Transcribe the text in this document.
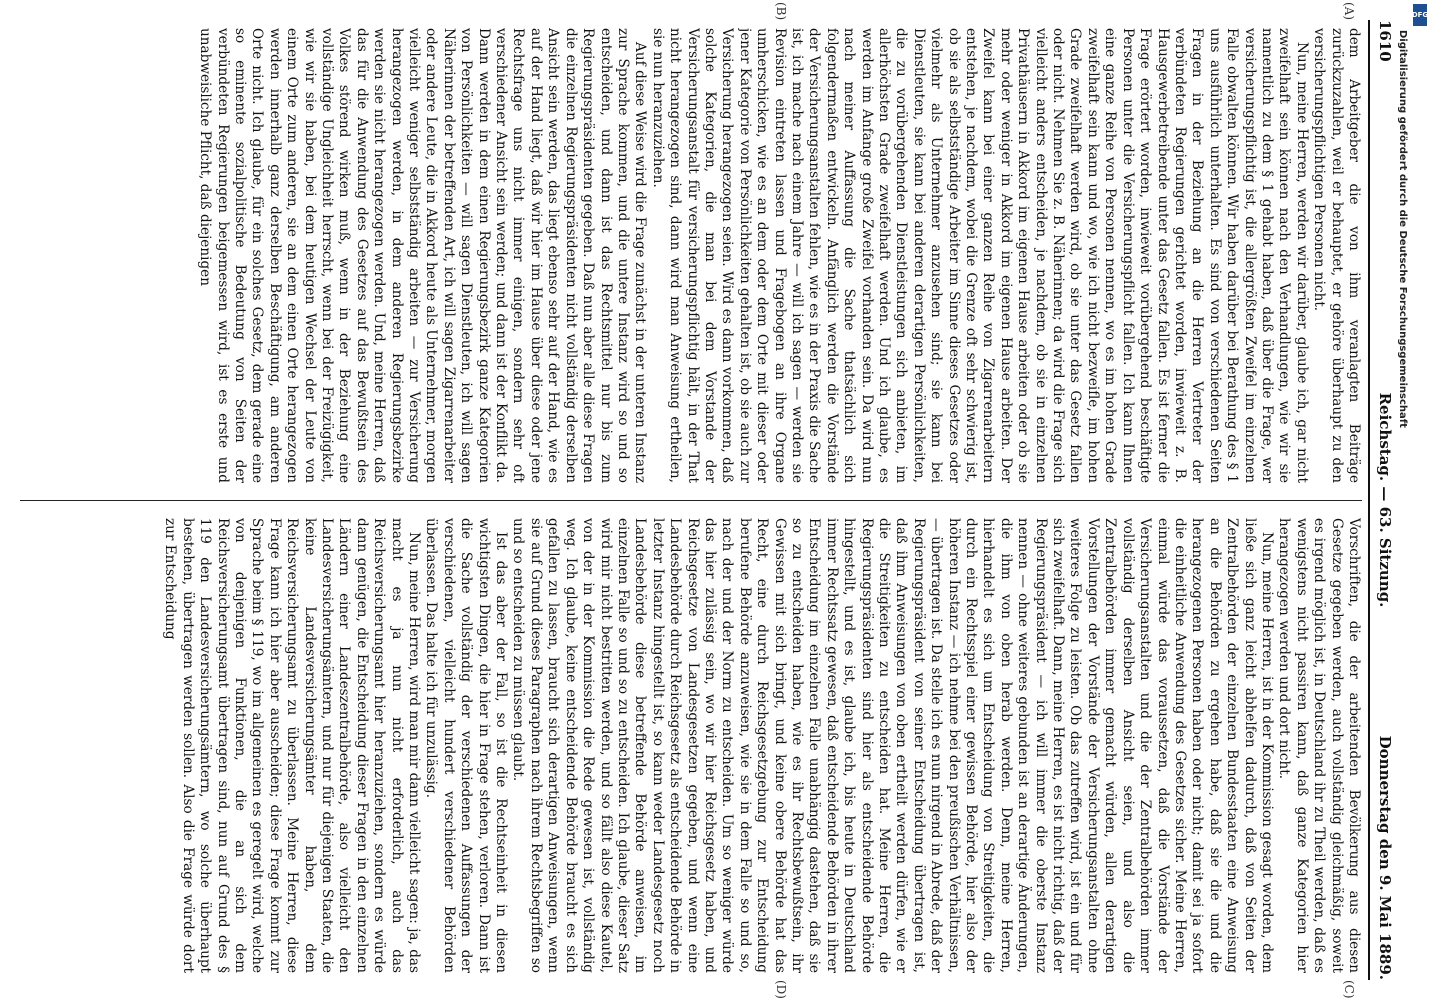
1610
Reichstag. — 63. Sitzung.
Donnerstag den 9. Mai 1889.
(A)
(B)
(C)
(D)

dem Arbeitgeber die von ihm veranlagten Beiträge zurückzuzahlen, weil er behauptet, er gehöre überhaupt zu den versicherungspflichtigen Personen nicht.

Nun, meine Herren, werden wir darüber, glaube ich, gar nicht zweifelhaft sein können nach den Verhandlungen, wie wir sie namentlich zu dem § 1 gehabt haben, daß über die Frage, wer versicherungspflichtig ist, die allergrößten Zweifel im einzelnen Falle obwalten können. Wir haben darüber bei Berathung des § 1 uns ausführlich unterhalten. Es sind von verschiedenen Seiten Fragen in der Beziehung an die Herren Vertreter der verbündeten Regierungen gerichtet worden, inwieweit z. B. Hausgewerbetreibende unter das Gesetz fallen. Es ist ferner die Frage erörtert worden, inwieweit vorübergehend beschäftigte Personen unter die Versicherungspflicht fallen. Ich kann Ihnen eine ganze Reihe von Personen nennen, wo es im hohen Grade zweifelhaft sein kann und wo, wie ich nicht bezweifle, im hohen Grade zweifelhaft werden wird, ob sie unter das Gesetz fallen oder nicht. Nehmen Sie z. B. Näherinnen; da wird die Frage sich vielleicht anders entscheiden, je nachdem, ob sie in einzelnen Privathäusern in Akkord im eigenen Hause arbeiten oder ob sie mehr oder weniger in Akkord im eigenen Hause arbeiten. Der Zweifel kann bei einer ganzen Reihe von Zigarrenarbeitern entstehen, je nachdem, wobei die Grenze oft sehr schwierig ist, ob sie als selbstständige Arbeiter im Sinne dieses Gesetzes oder vielmehr als Unternehmer anzusehen sind; sie kann bei Dienstleuten, sie kann bei anderen derartigen Persönlichkeiten, die zu vorübergehenden Dienstleistungen sich anbieten, im allerhöchsten Grade zweifelhaft werden. Und ich glaube, es werden im Anfange große Zweifel vorhanden sein. Da wird nun nach meiner Auffassung die Sache thatsächlich sich folgendermaßen entwickeln. Anfänglich werden die Vorstände der Versicherungsanstalten fehlen, wie es in der Praxis die Sache ist, ich mache nach einem Jahre — will ich sagen — werden sie Revision eintreten lassen und Fragebogen an ihre Organe umherschicken, wie es an dem oder dem Orte mit dieser oder jener Kategorie von Persönlichkeiten gehalten ist, ob sie auch zur Versicherung herangezogen seien. Wird es dann vorkommen, daß solche Kategorien, die man bei dem Vorstande der Versicherungsanstalt für versicherungspflichtig hält, in der That nicht herangezogen sind, dann wird man Anweisung ertheilen, sie nun heranzuziehen.

Auf diese Weise wird die Frage zunächst in der unteren Instanz zur Sprache kommen, und die untere Instanz wird so und so entscheiden, und dann ist das Rechtsmittel nur bis zum Regierungspräsidenten gegeben. Daß nun aber alle diese Fragen die einzelnen Regierungspräsidenten nicht vollständig derselben Ansicht sein werden, das liegt ebenso sehr auf der Hand, wie es auf der Hand liegt, daß wir hier im Hause über diese oder jene Rechtsfrage uns nicht immer einigen, sondern sehr oft verschiedener Ansicht sein werden; und dann ist der Konflikt da. Dann werden in dem einen Regierungsbezirk ganze Kategorien von Persönlichkeiten — will sagen Dienstleuten, ich will sagen Näherinnen der betreffenden Art, ich will sagen Zigarrenarbeiter oder andere Leute, die in Akkord heute als Unternehmer, morgen vielleicht weniger selbstständig arbeiten — zur Versicherung herangezogen werden, in dem anderen Regierungsbezirke werden sie nicht herangezogen werden. Und, meine Herren, daß das für die Anwendung des Gesetzes auf das Bewußtsein des Volkes störend wirken muß, wenn in der Beziehung eine vollständige Ungleichheit herrscht, wenn bei der Freizügigkeit, wie wir sie haben, bei dem heutigen Wechsel der Leute von einem Orte zum anderen, sie an dem einen Orte herangezogen werden innerhalb ganz derselben Beschäftigung, am anderen Orte nicht. Ich glaube, für ein solches Gesetz, dem gerade eine so eminente sozialpolitische Bedeutung von Seiten der verbündeten Regierungen beigemessen wird, ist es erste und unabweisliche Pflicht, daß diejenigen

Vorschriften, die der arbeitenden Bevölkerung aus diesen Gesetze gegeben werden, auch vollständig gleichmäßig, soweit es irgend möglich ist, in Deutschland ihr zu Theil werden, daß es wenigstens nicht passiren kann, daß ganze Kategorien hier herangezogen werden und dort nicht.

Nun, meine Herren, ist in der Kommission gesagt worden, dem ließe sich ganz leicht abhelfen dadurch, daß von Seiten der Zentralbehörden der einzelnen Bundesstaaten eine Anweisung an die Behörden zu ergehen habe, daß sie die und die herangezogenen Personen haben oder nicht; damit sei ja sofort die einheitliche Anwendung des Gesetzes sicher. Meine Herren, einmal würde das voraussetzen, daß die Vorstände der Versicherungsanstalten und die der Zentralbehörden immer vollständig derselben Ansicht seien, und also die Zentralbehörden immer gemacht würden, allen derartigen Vorstellungen der Vorstände der Versicherungsanstalten ohne weiteres Folge zu leisten. Ob das zutreffen wird, ist ein und für sich zweifelhaft. Dann, meine Herren, es ist nicht richtig, daß der Regierungspräsident — ich will immer die oberste Instanz nennen — ohne weiteres gebunden ist an derartige Änderungen, die ihm von oben herab werden. Denn, meine Herren, hierhandelt es sich um Entscheidung von Streitigkeiten, die durch ein Rechtsspiel einer gewissen Behörde, hier also der höheren Instanz — ich nehme bei den preußischen Verhältnissen, — übertragen ist. Da stelle ich es nun nirgend in Abrede, daß der Regierungspräsident von seiner Entscheidung übertragen ist, daß ihm Anweisungen von oben ertheilt werden dürfen, wie er die Streitigkeiten zu entscheiden hat. Meine Herren, die Regierungspräsidenten sind hier als entscheidende Behörde hingestellt, und es ist, glaube ich, bis heute in Deutschland immer Rechtssatz gewesen, daß entscheidende Behörden in ihrer Entscheidung im einzelnen Falle unabhängig dastehen, daß sie so zu entscheiden haben, wie es ihr Rechtsbewußtsein, ihr Gewissen mit sich bringt, und keine obere Behörde hat das Recht, eine durch Reichsgesetzgebung zur Entscheidung berufene Behörde anzuweisen, wie sie in dem Falle so und so, nach der und der Norm zu entscheiden. Um so weniger würde das hier zulässig sein, wo wir hier Reichsgesetz haben, und Reichsgesetze von Landesgesetzen gegeben, und wenn eine Landesbehörde durch Reichsgesetz als entscheidende Behörde in letzter Instanz hingestellt ist, so kann weder Landesgesetz noch Landesbehörde diese betreffende Behörde anweisen, im einzelnen Falle so und so zu entscheiden. Ich glaube, dieser Satz wird mir nicht bestritten werden, und so fällt also diese Kautel, von der in der Kommission die Rede gewesen ist, vollständig weg. Ich glaube, keine entscheidende Behörde braucht es sich gefallen zu lassen, braucht sich derartigen Anweisungen, wenn sie auf Grund dieses Paragraphen nach ihrem Rechtsbegriffen so und so entscheiden zu müssen glaubt.

Ist das aber der Fall, so ist die Rechtseinheit in diesen wichtigsten Dingen, die hier in Frage stehen, verloren. Dann ist die Sache vollständig der verschiedenen Auffassungen der verschiedenen, vielleicht hundert verschiedener Behörden überlassen. Das halte ich für unzulässig.

Nun, meine Herren, wird man mir dann vielleicht sagen: ja, das macht es ja nun nicht erforderlich, auch das Reichsversicherungsamt hier heranzuziehen, sondern es würde dann genügen, die Entscheidung dieser Fragen in den einzelnen Ländern einer Landeszentralbehörde, also vielleicht den Landesversicherungsämtern, und nur für diejenigen Staaten, die keine Landesversicherungsämter haben, dem Reichsversicherungsamt zu überlassen. Meine Herren, diese Frage kann ich hier aber ausscheiden; diese Frage kommt zur Sprache beim § 119, wo im allgemeinen es geregelt wird, welche von denjenigen Funktionen, die an sich dem Reichsversicherungsamt übertragen sind, nun auf Grund des § 119 den Landesversicherungsämtern, wo solche überhaupt bestehen, übertragen werden sollen. Also die Frage würde dort zur Entscheidung

DFG
Digitalisierung gefördert durch die Deutsche Forschungsgemeinschaft
